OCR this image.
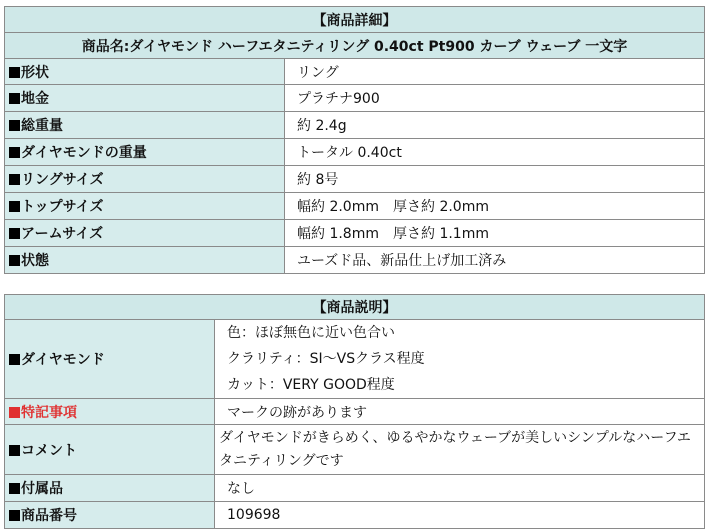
【商品詳細】	
商品名:ダイヤモンド ハーフエタニティリング 0.40ct Pt900 カーブ ウェーブ 一文字	
形状	リング
地金	プラチナ900
総重量	約 2.4g
ダイヤモンドの重量	トータル 0.40ct
リングサイズ	約 8号
トップサイズ	幅約 2.0mm　厚さ約 2.0mm
アームサイズ	幅約 1.8mm　厚さ約 1.1mm
状態	ユーズド品、新品仕上げ加工済み
【商品説明】	
ダイヤモンド	色：ほぼ無色に近い色合い
クラリティ：SI～VSクラス程度
カット：VERY GOOD程度

特記事項	マークの跡があります
コメント	ダイヤモンドがきらめく、ゆるやかなウェーブが美しいシンプルなハーフエタニティリングです
付属品	なし
商品番号	109698
